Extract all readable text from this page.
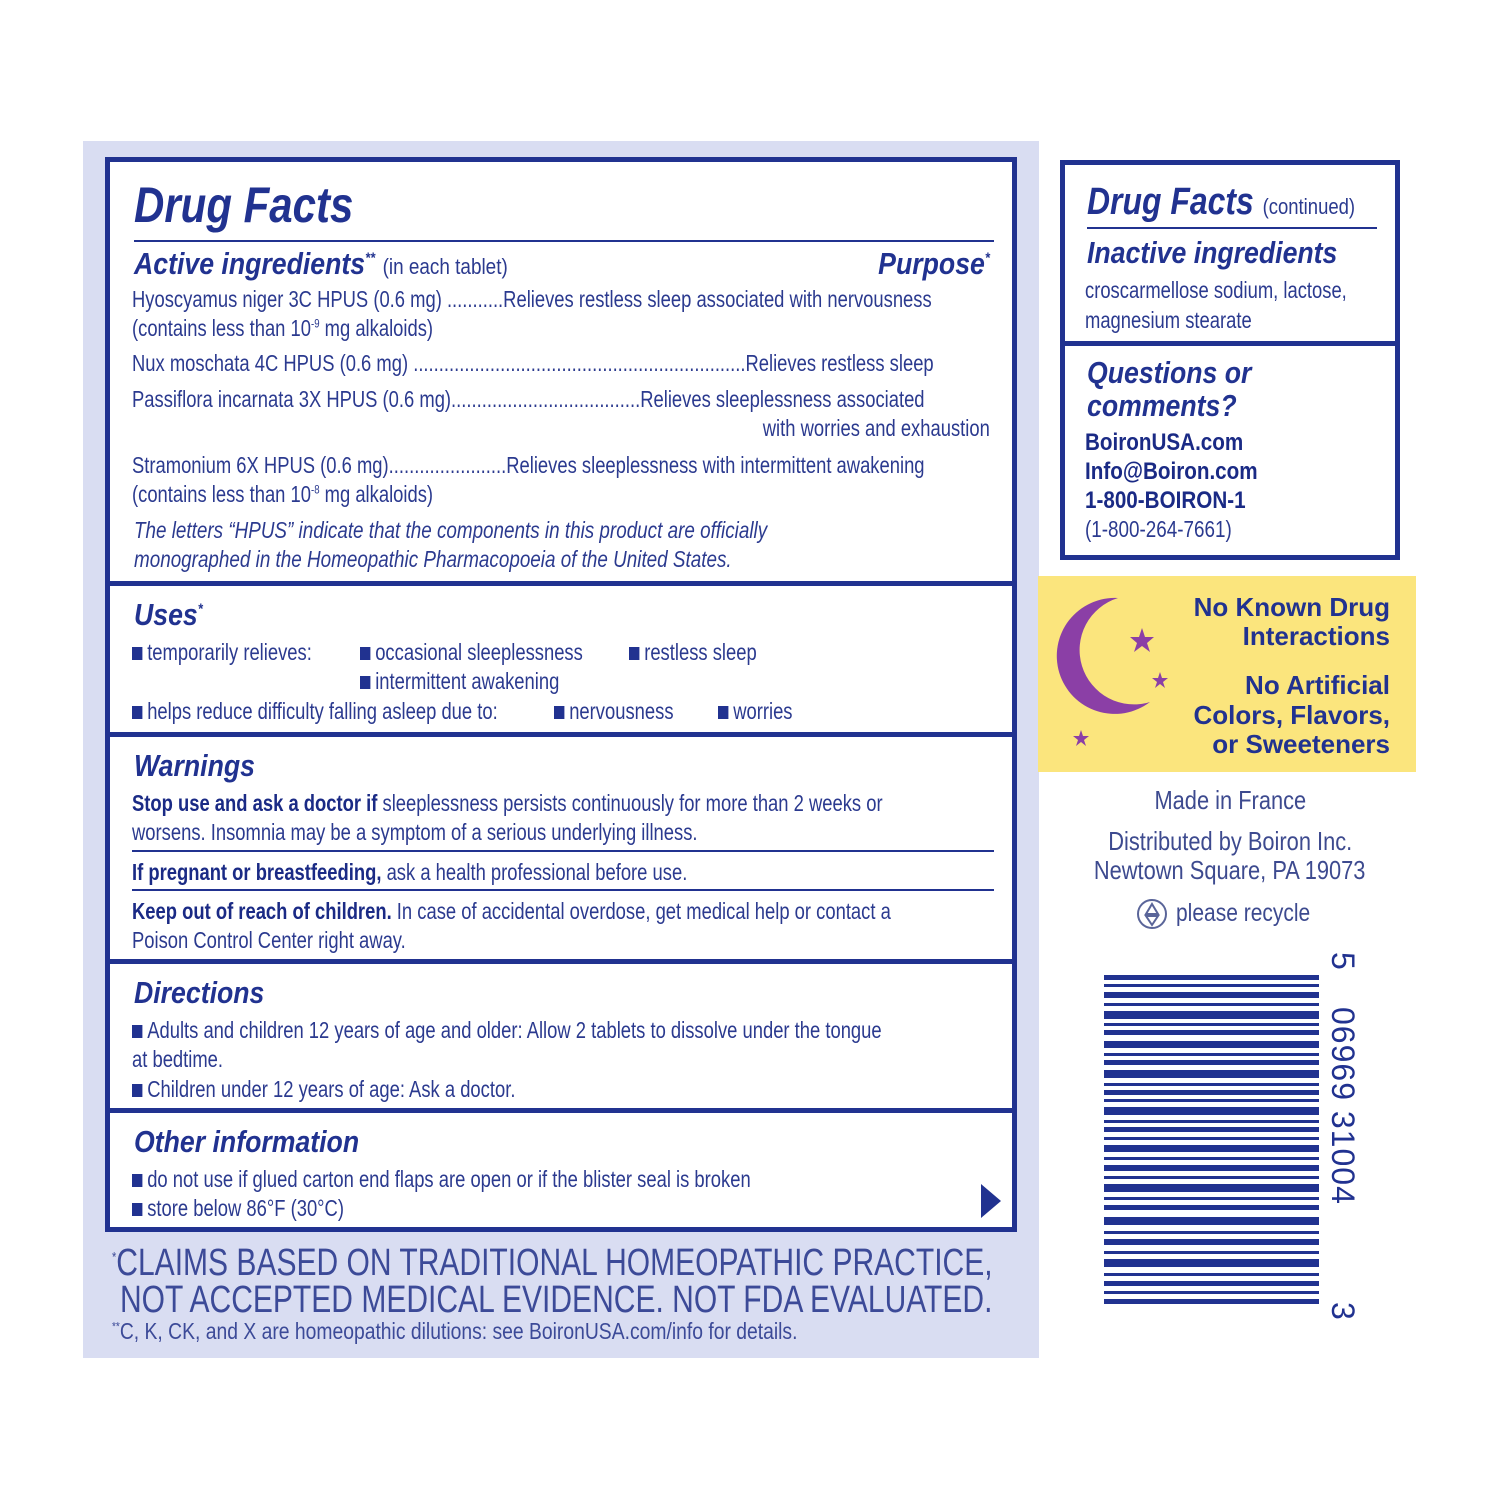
Drug Facts
Active ingredients** (in each tablet)	Purpose*
Hyoscyamus niger 3C HPUS (0.6 mg) ...........Relieves restless sleep associated with nervousness
(contains less than $10^{-9}$ mg alkaloids)
Nux moschata 4C HPUS (0.6 mg) .................................................................Relieves restless sleep
Passiflora incarnata 3X HPUS (0.6 mg).....................................Relieves sleeplessness associated
with worries and exhaustion
Stramonium 6X HPUS (0.6 mg).......................Relieves sleeplessness with intermittent awakening
(contains less than $10^{-8}$ mg alkaloids)
The letters “HPUS” indicate that the components in this product are officially
monographed in the Homeopathic Pharmacopoeia of the United States.
Uses*
temporarily relieves:	occasional sleeplessness	restless sleep
intermittent awakening
helps reduce difficulty falling asleep due to:	nervousness	worries
Warnings
Stop use and ask a doctor if sleeplessness persists continuously for more than 2 weeks or
worsens. Insomnia may be a symptom of a serious underlying illness.
If pregnant or breastfeeding, ask a health professional before use.
Keep out of reach of children. In case of accidental overdose, get medical help or contact a
Poison Control Center right away.
Directions
Adults and children 12 years of age and older: Allow 2 tablets to dissolve under the tongue
at bedtime.
Children under 12 years of age: Ask a doctor.
Other information
do not use if glued carton end flaps are open or if the blister seal is broken
store below 86°F (30°C)
*CLAIMS BASED ON TRADITIONAL HOMEOPATHIC PRACTICE,
NOT ACCEPTED MEDICAL EVIDENCE. NOT FDA EVALUATED.
**C, K, CK, and X are homeopathic dilutions: see BoironUSA.com/info for details.
Drug Facts (continued)
Inactive ingredients
croscarmellose sodium, lactose,
magnesium stearate
Questions or
comments?
BoironUSA.com
Info@Boiron.com
1-800-BOIRON-1
(1-800-264-7661)
No Known Drug
Interactions
No Artificial
Colors, Flavors,
or Sweeteners
Made in France
Distributed by Boiron Inc.
Newtown Square, PA 19073
please recycle
5
06969 31004
3
